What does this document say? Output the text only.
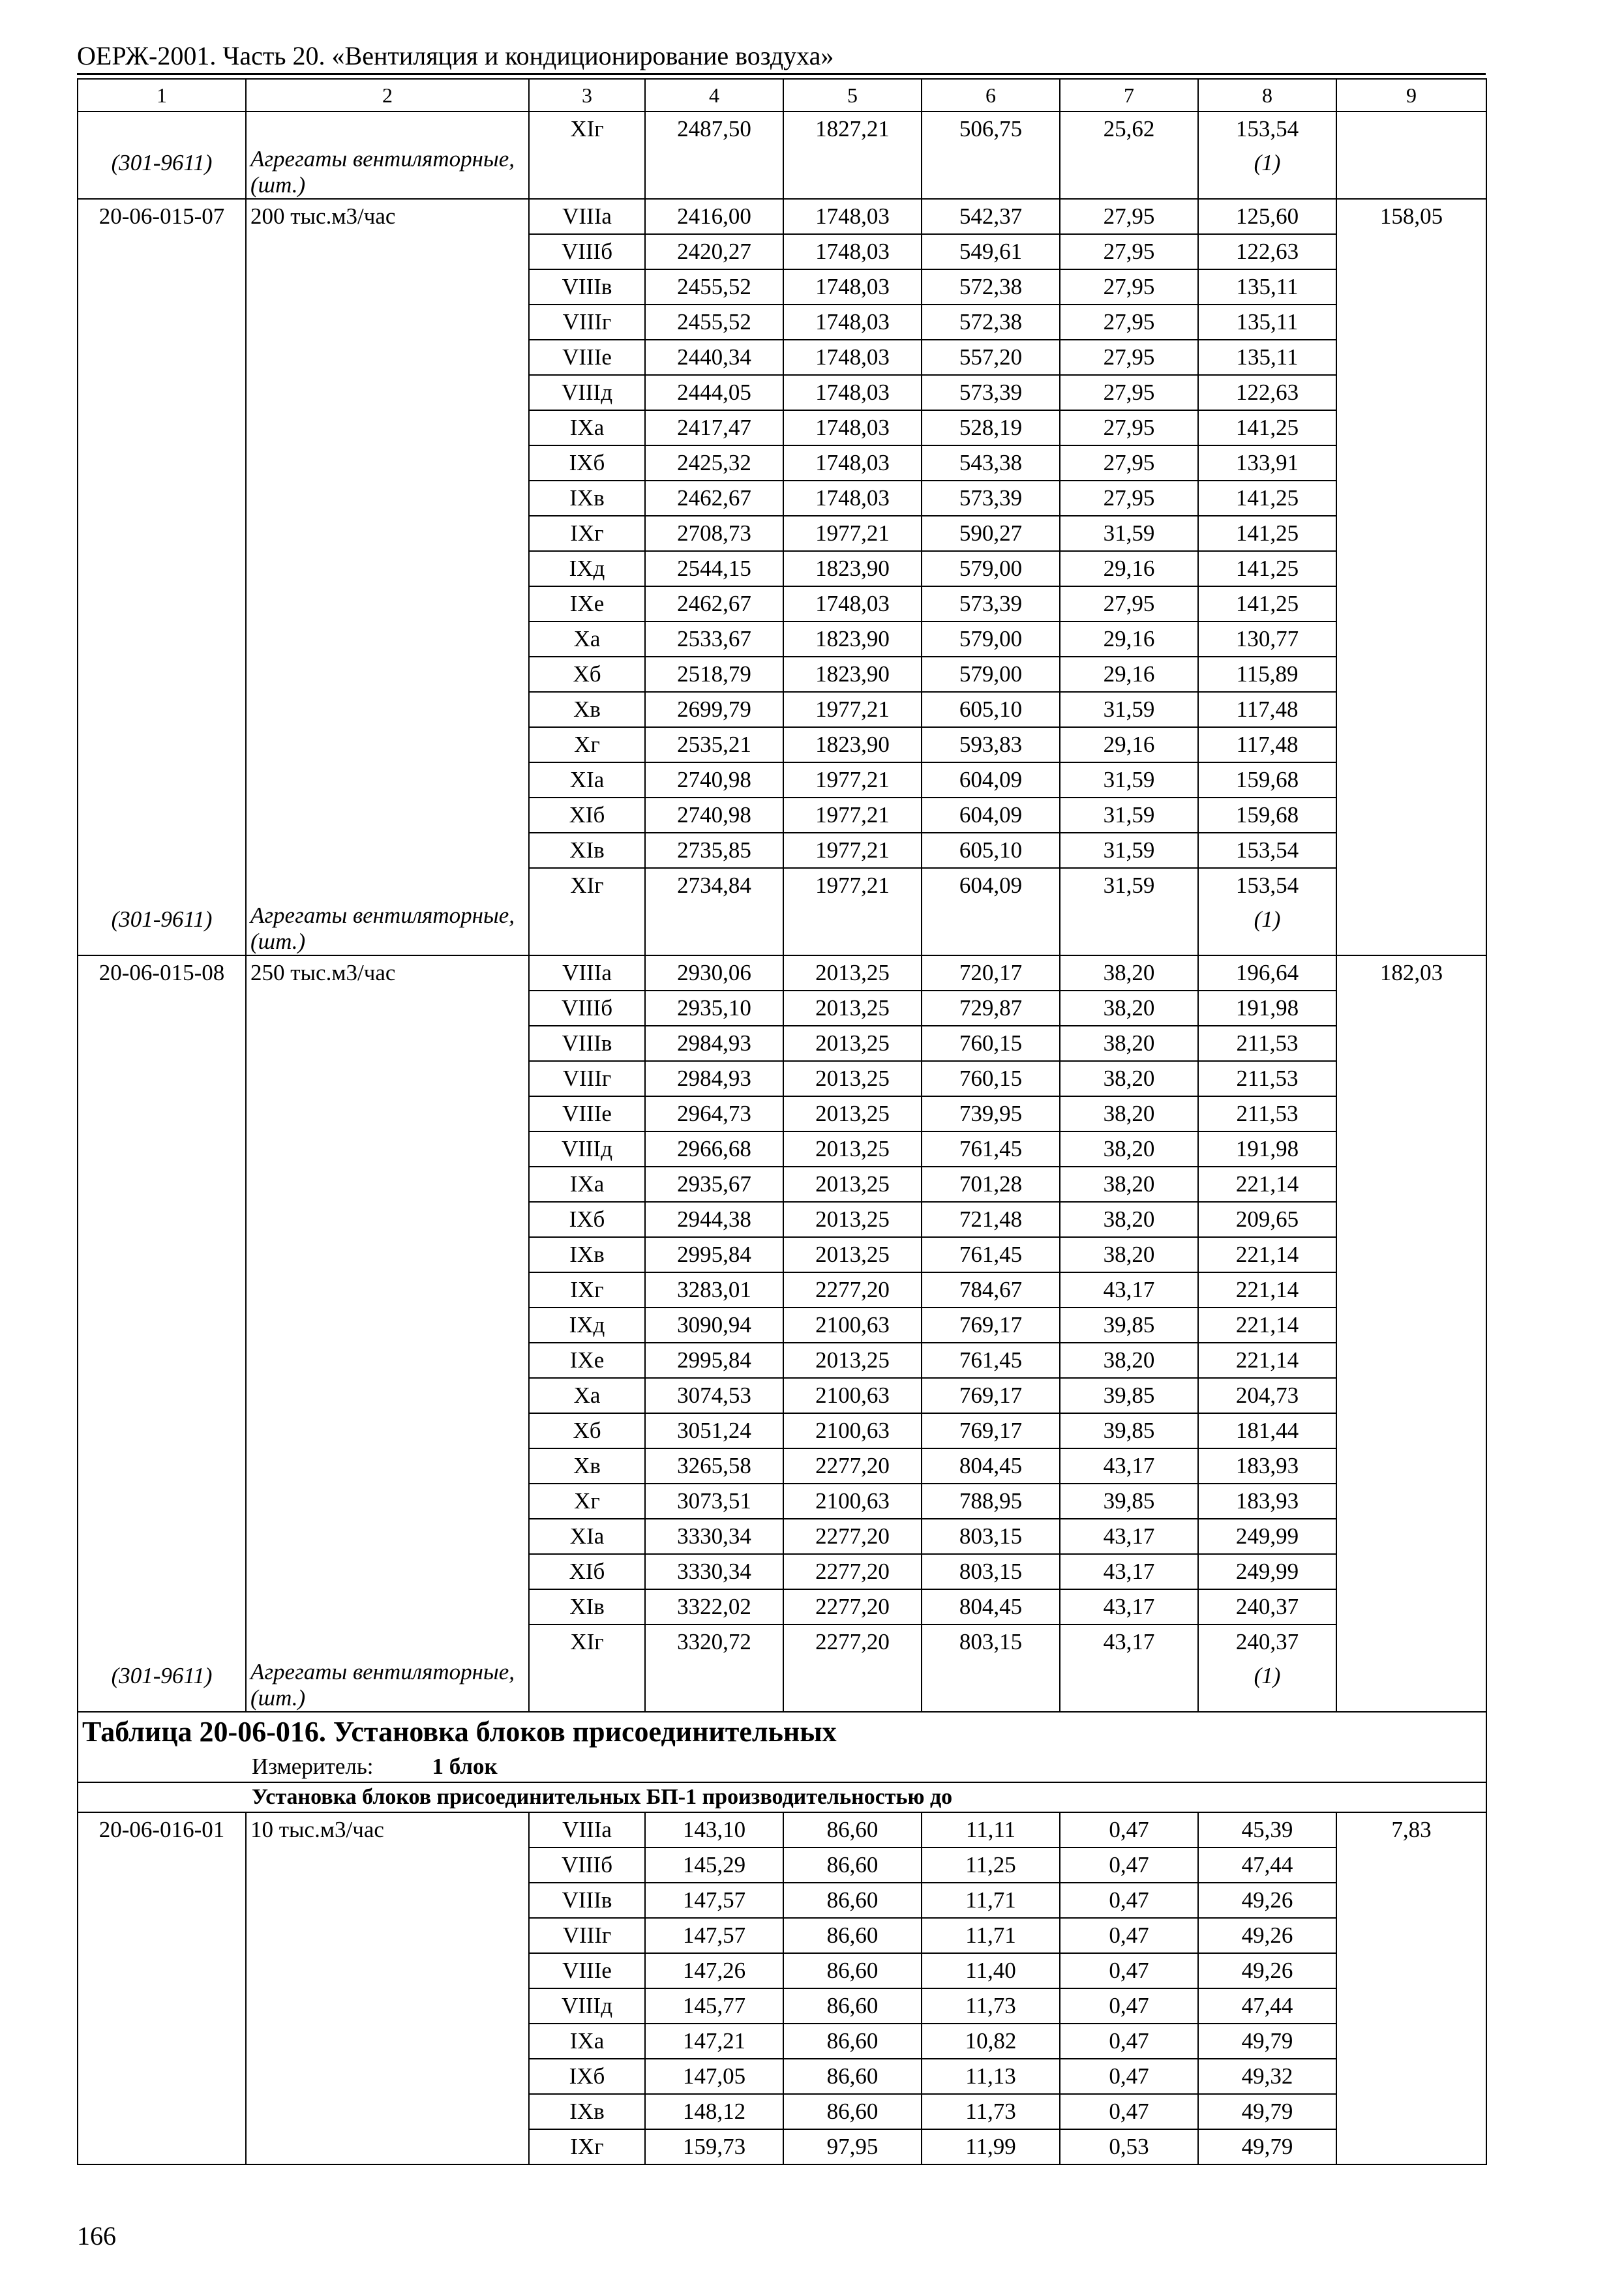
ОЕРЖ-2001. Часть 20. «Вентиляция и кондиционирование воздуха»
1	2	3	4	5	6	7	8	9
		XIг	2487,50	1827,21	506,75	25,62	153,54	
(301-9611)	Агрегаты вентиляторные, (шт.)						(1)	
20-06-015-07	200 тыс.м3/час	VIIIа	2416,00	1748,03	542,37	27,95	125,60	158,05
		VIIIб	2420,27	1748,03	549,61	27,95	122,63	
		VIIIв	2455,52	1748,03	572,38	27,95	135,11	
		VIIIг	2455,52	1748,03	572,38	27,95	135,11	
		VIIIе	2440,34	1748,03	557,20	27,95	135,11	
		VIIIд	2444,05	1748,03	573,39	27,95	122,63	
		IXа	2417,47	1748,03	528,19	27,95	141,25	
		IXб	2425,32	1748,03	543,38	27,95	133,91	
		IXв	2462,67	1748,03	573,39	27,95	141,25	
		IXг	2708,73	1977,21	590,27	31,59	141,25	
		IXд	2544,15	1823,90	579,00	29,16	141,25	
		IXе	2462,67	1748,03	573,39	27,95	141,25	
		Xа	2533,67	1823,90	579,00	29,16	130,77	
		Xб	2518,79	1823,90	579,00	29,16	115,89	
		Xв	2699,79	1977,21	605,10	31,59	117,48	
		Xг	2535,21	1823,90	593,83	29,16	117,48	
		XIа	2740,98	1977,21	604,09	31,59	159,68	
		XIб	2740,98	1977,21	604,09	31,59	159,68	
		XIв	2735,85	1977,21	605,10	31,59	153,54	
		XIг	2734,84	1977,21	604,09	31,59	153,54	
(301-9611)	Агрегаты вентиляторные, (шт.)						(1)	
20-06-015-08	250 тыс.м3/час	VIIIа	2930,06	2013,25	720,17	38,20	196,64	182,03
		VIIIб	2935,10	2013,25	729,87	38,20	191,98	
		VIIIв	2984,93	2013,25	760,15	38,20	211,53	
		VIIIг	2984,93	2013,25	760,15	38,20	211,53	
		VIIIе	2964,73	2013,25	739,95	38,20	211,53	
		VIIIд	2966,68	2013,25	761,45	38,20	191,98	
		IXа	2935,67	2013,25	701,28	38,20	221,14	
		IXб	2944,38	2013,25	721,48	38,20	209,65	
		IXв	2995,84	2013,25	761,45	38,20	221,14	
		IXг	3283,01	2277,20	784,67	43,17	221,14	
		IXд	3090,94	2100,63	769,17	39,85	221,14	
		IXе	2995,84	2013,25	761,45	38,20	221,14	
		Xа	3074,53	2100,63	769,17	39,85	204,73	
		Xб	3051,24	2100,63	769,17	39,85	181,44	
		Xв	3265,58	2277,20	804,45	43,17	183,93	
		Xг	3073,51	2100,63	788,95	39,85	183,93	
		XIа	3330,34	2277,20	803,15	43,17	249,99	
		XIб	3330,34	2277,20	803,15	43,17	249,99	
		XIв	3322,02	2277,20	804,45	43,17	240,37	
		XIг	3320,72	2277,20	803,15	43,17	240,37	
(301-9611)	Агрегаты вентиляторные, (шт.)						(1)	

Таблица 20-06-016. Установка блоков присоединительных
Измеритель: 1 блок								

Установка блоков присоединительных БП-1 производительностью до								

20-06-016-01	10 тыс.м3/час	VIIIа	143,10	86,60	11,11	0,47	45,39	7,83
		VIIIб	145,29	86,60	11,25	0,47	47,44	
		VIIIв	147,57	86,60	11,71	0,47	49,26	
		VIIIг	147,57	86,60	11,71	0,47	49,26	
		VIIIе	147,26	86,60	11,40	0,47	49,26	
		VIIIд	145,77	86,60	11,73	0,47	47,44	
		IXа	147,21	86,60	10,82	0,47	49,79	
		IXб	147,05	86,60	11,13	0,47	49,32	
		IXв	148,12	86,60	11,73	0,47	49,79	
		IXг	159,73	97,95	11,99	0,53	49,79	
166
